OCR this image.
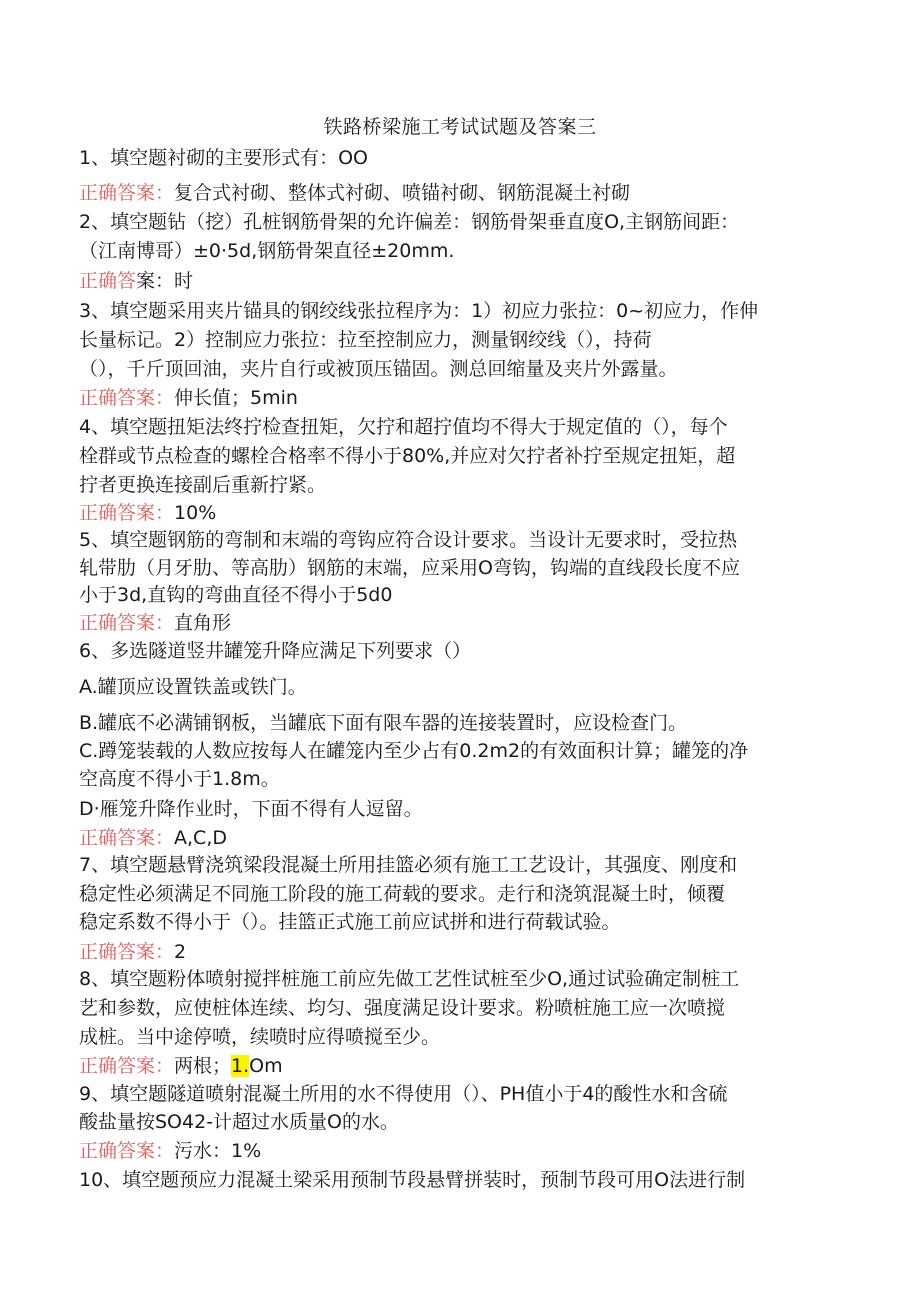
铁路桥梁施工考试试题及答案三
1、填空题衬砌的主要形式有：OO
正确答案：复合式衬砌、整体式衬砌、喷锚衬砌、钢筋混凝土衬砌
2、填空题钻（挖）孔桩钢筋骨架的允许偏差：钢筋骨架垂直度O,主钢筋间距：
（江南博哥）±0·5d,钢筋骨架直径±20mm.
正确答案：时
3、填空题采用夹片锚具的钢绞线张拉程序为：1）初应力张拉：0~初应力，作伸
长量标记。2）控制应力张拉：拉至控制应力，测量钢绞线（），持荷
（），千斤顶回油，夹片自行或被顶压锚固。测总回缩量及夹片外露量。
正确答案：伸长值；5min
4、填空题扭矩法终拧检查扭矩，欠拧和超拧值均不得大于规定值的（），每个
栓群或节点检查的螺栓合格率不得小于80%,并应对欠拧者补拧至规定扭矩，超
拧者更换连接副后重新拧紧。
正确答案：10%
5、填空题钢筋的弯制和末端的弯钩应符合设计要求。当设计无要求时，受拉热
轧带肋（月牙肋、等高肋）钢筋的末端，应采用O弯钩，钩端的直线段长度不应
小于3d,直钩的弯曲直径不得小于5d0
正确答案：直角形
6、多选隧道竖井罐笼升降应满足下列要求（）
A.罐顶应设置铁盖或铁门。
B.罐底不必满铺钢板，当罐底下面有限车器的连接装置时，应设检查门。
C.蹲笼装载的人数应按每人在罐笼内至少占有0.2m2的有效面积计算；罐笼的净
空高度不得小于1.8m。
D·雁笼升降作业时，下面不得有人逗留。
正确答案：A,C,D
7、填空题悬臂浇筑梁段混凝土所用挂篮必须有施工工艺设计，其强度、刚度和
稳定性必须满足不同施工阶段的施工荷载的要求。走行和浇筑混凝土时，倾覆
稳定系数不得小于（）。挂篮正式施工前应试拼和进行荷载试验。
正确答案：2
8、填空题粉体喷射搅拌桩施工前应先做工艺性试桩至少O,通过试验确定制桩工
艺和参数，应使桩体连续、均匀、强度满足设计要求。粉喷桩施工应一次喷搅
成桩。当中途停喷，续喷时应得喷搅至少。
正确答案：两根；1.Om
9、填空题隧道喷射混凝土所用的水不得使用（）、PH值小于4的酸性水和含硫
酸盐量按SO42-计超过水质量O的水。
正确答案：污水：1%
10、填空题预应力混凝土梁采用预制节段悬臂拼装时，预制节段可用O法进行制
